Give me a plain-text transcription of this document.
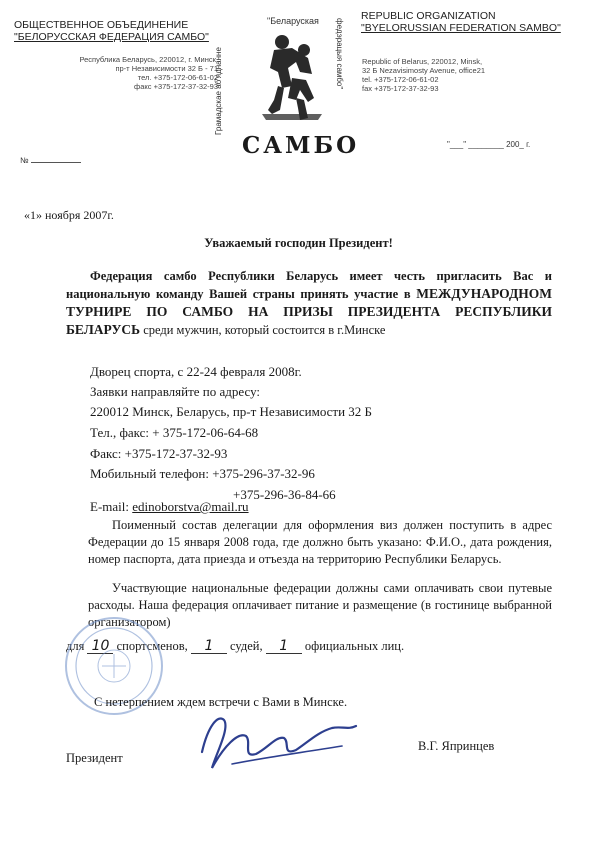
ОБЩЕСТВЕННОЕ ОБЪЕДИНЕНИЕ
"БЕЛОРУССКАЯ ФЕДЕРАЦИЯ САМБО"
Республика Беларусь, 220012, г. Минск,
пр-т Независимости 32 Б - 71
тел. +375-172-06-61-02
факс +375-172-37-32-93
№
"Беларуская
Грамадскае аб'яднанне	федэрацыя самбо"
САМБО
REPUBLIC ORGANIZATION
"BYELORUSSIAN FEDERATION SAMBO"
Republic of Belarus, 220012, Minsk,
32 Б Nezavisimosty Avenue, office21
tel. +375-172-06-61-02
fax +375-172-37-32-93
"___" ________ 200_ г.
«1» ноября 2007г.
Уважаемый господин Президент!
Федерация самбо Республики Беларусь имеет честь пригласить Вас и национальную команду Вашей страны принять участие в МЕЖДУНАРОДНОМ ТУРНИРЕ ПО САМБО НА ПРИЗЫ ПРЕЗИДЕНТА РЕСПУБЛИКИ БЕЛАРУСЬ среди мужчин, который состоится в г.Минске
Дворец спорта, с 22-24 февраля 2008г.
Заявки направляйте по адресу:
220012 Минск, Беларусь, пр-т Независимости 32 Б
Тел., факс: + 375-172-06-64-68
Факс: +375-172-37-32-93
Мобильный телефон: +375-296-37-32-96
+375-296-36-84-66
E-mail: edinoborstva@mail.ru
Поименный состав делегации для оформления виз должен поступить в адрес Федерации до 15 января 2008 года, где должно быть указано: Ф.И.О., дата рождения, номер паспорта, дата приезда и отъезда на территорию Республики Беларусь.
Участвующие национальные федерации должны сами оплачивать свои путевые расходы. Наша федерация оплачивает питание и размещение (в гостинице выбранной организатором)
для 10 спортсменов, 1 судей, 1 официальных лиц.
С нетерпением ждем встречи с Вами в Минске.
Президент
В.Г. Япринцев
